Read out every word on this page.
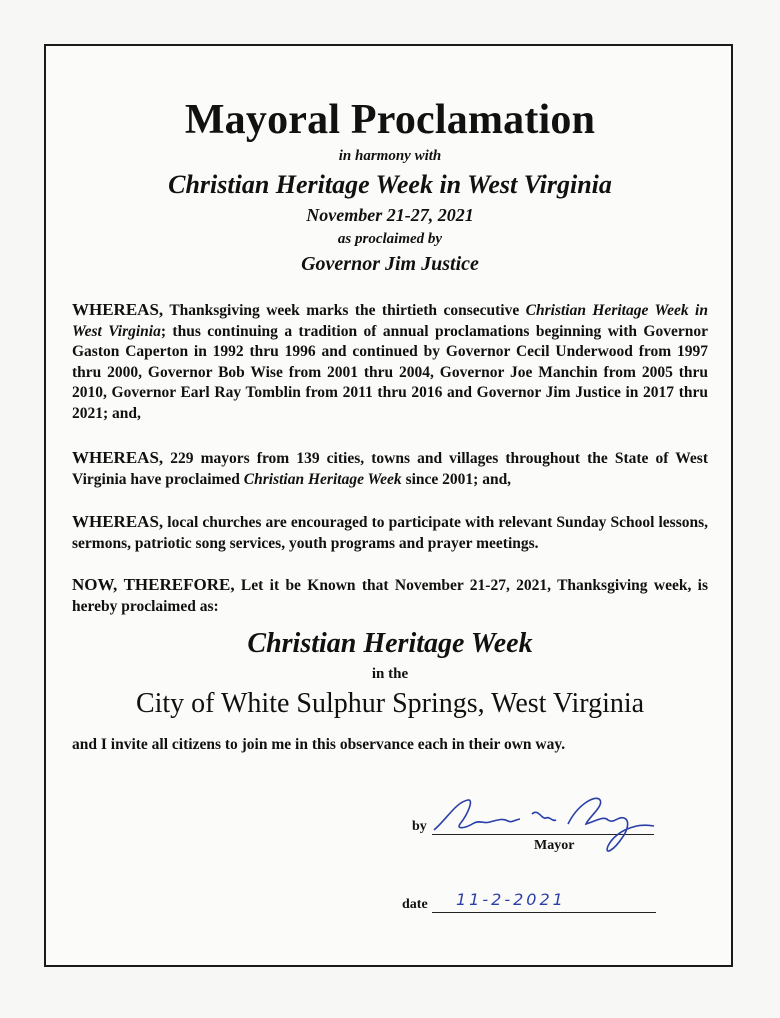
Mayoral Proclamation
in harmony with
Christian Heritage Week in West Virginia
November 21-27, 2021
as proclaimed by
Governor Jim Justice
WHEREAS, Thanksgiving week marks the thirtieth consecutive Christian Heritage Week in West Virginia; thus continuing a tradition of annual proclamations beginning with Governor Gaston Caperton in 1992 thru 1996 and continued by Governor Cecil Underwood from 1997 thru 2000, Governor Bob Wise from 2001 thru 2004, Governor Joe Manchin from 2005 thru 2010, Governor Earl Ray Tomblin from 2011 thru 2016 and Governor Jim Justice in 2017 thru 2021; and,
WHEREAS, 229 mayors from 139 cities, towns and villages throughout the State of West Virginia have proclaimed Christian Heritage Week since 2001; and,
WHEREAS, local churches are encouraged to participate with relevant Sunday School lessons, sermons, patriotic song services, youth programs and prayer meetings.
NOW, THEREFORE, Let it be Known that November 21-27, 2021, Thanksgiving week, is hereby proclaimed as:
Christian Heritage Week
in the
City of White Sulphur Springs, West Virginia
and I invite all citizens to join me in this observance each in their own way.
by
Mayor
date 11-2-2021
